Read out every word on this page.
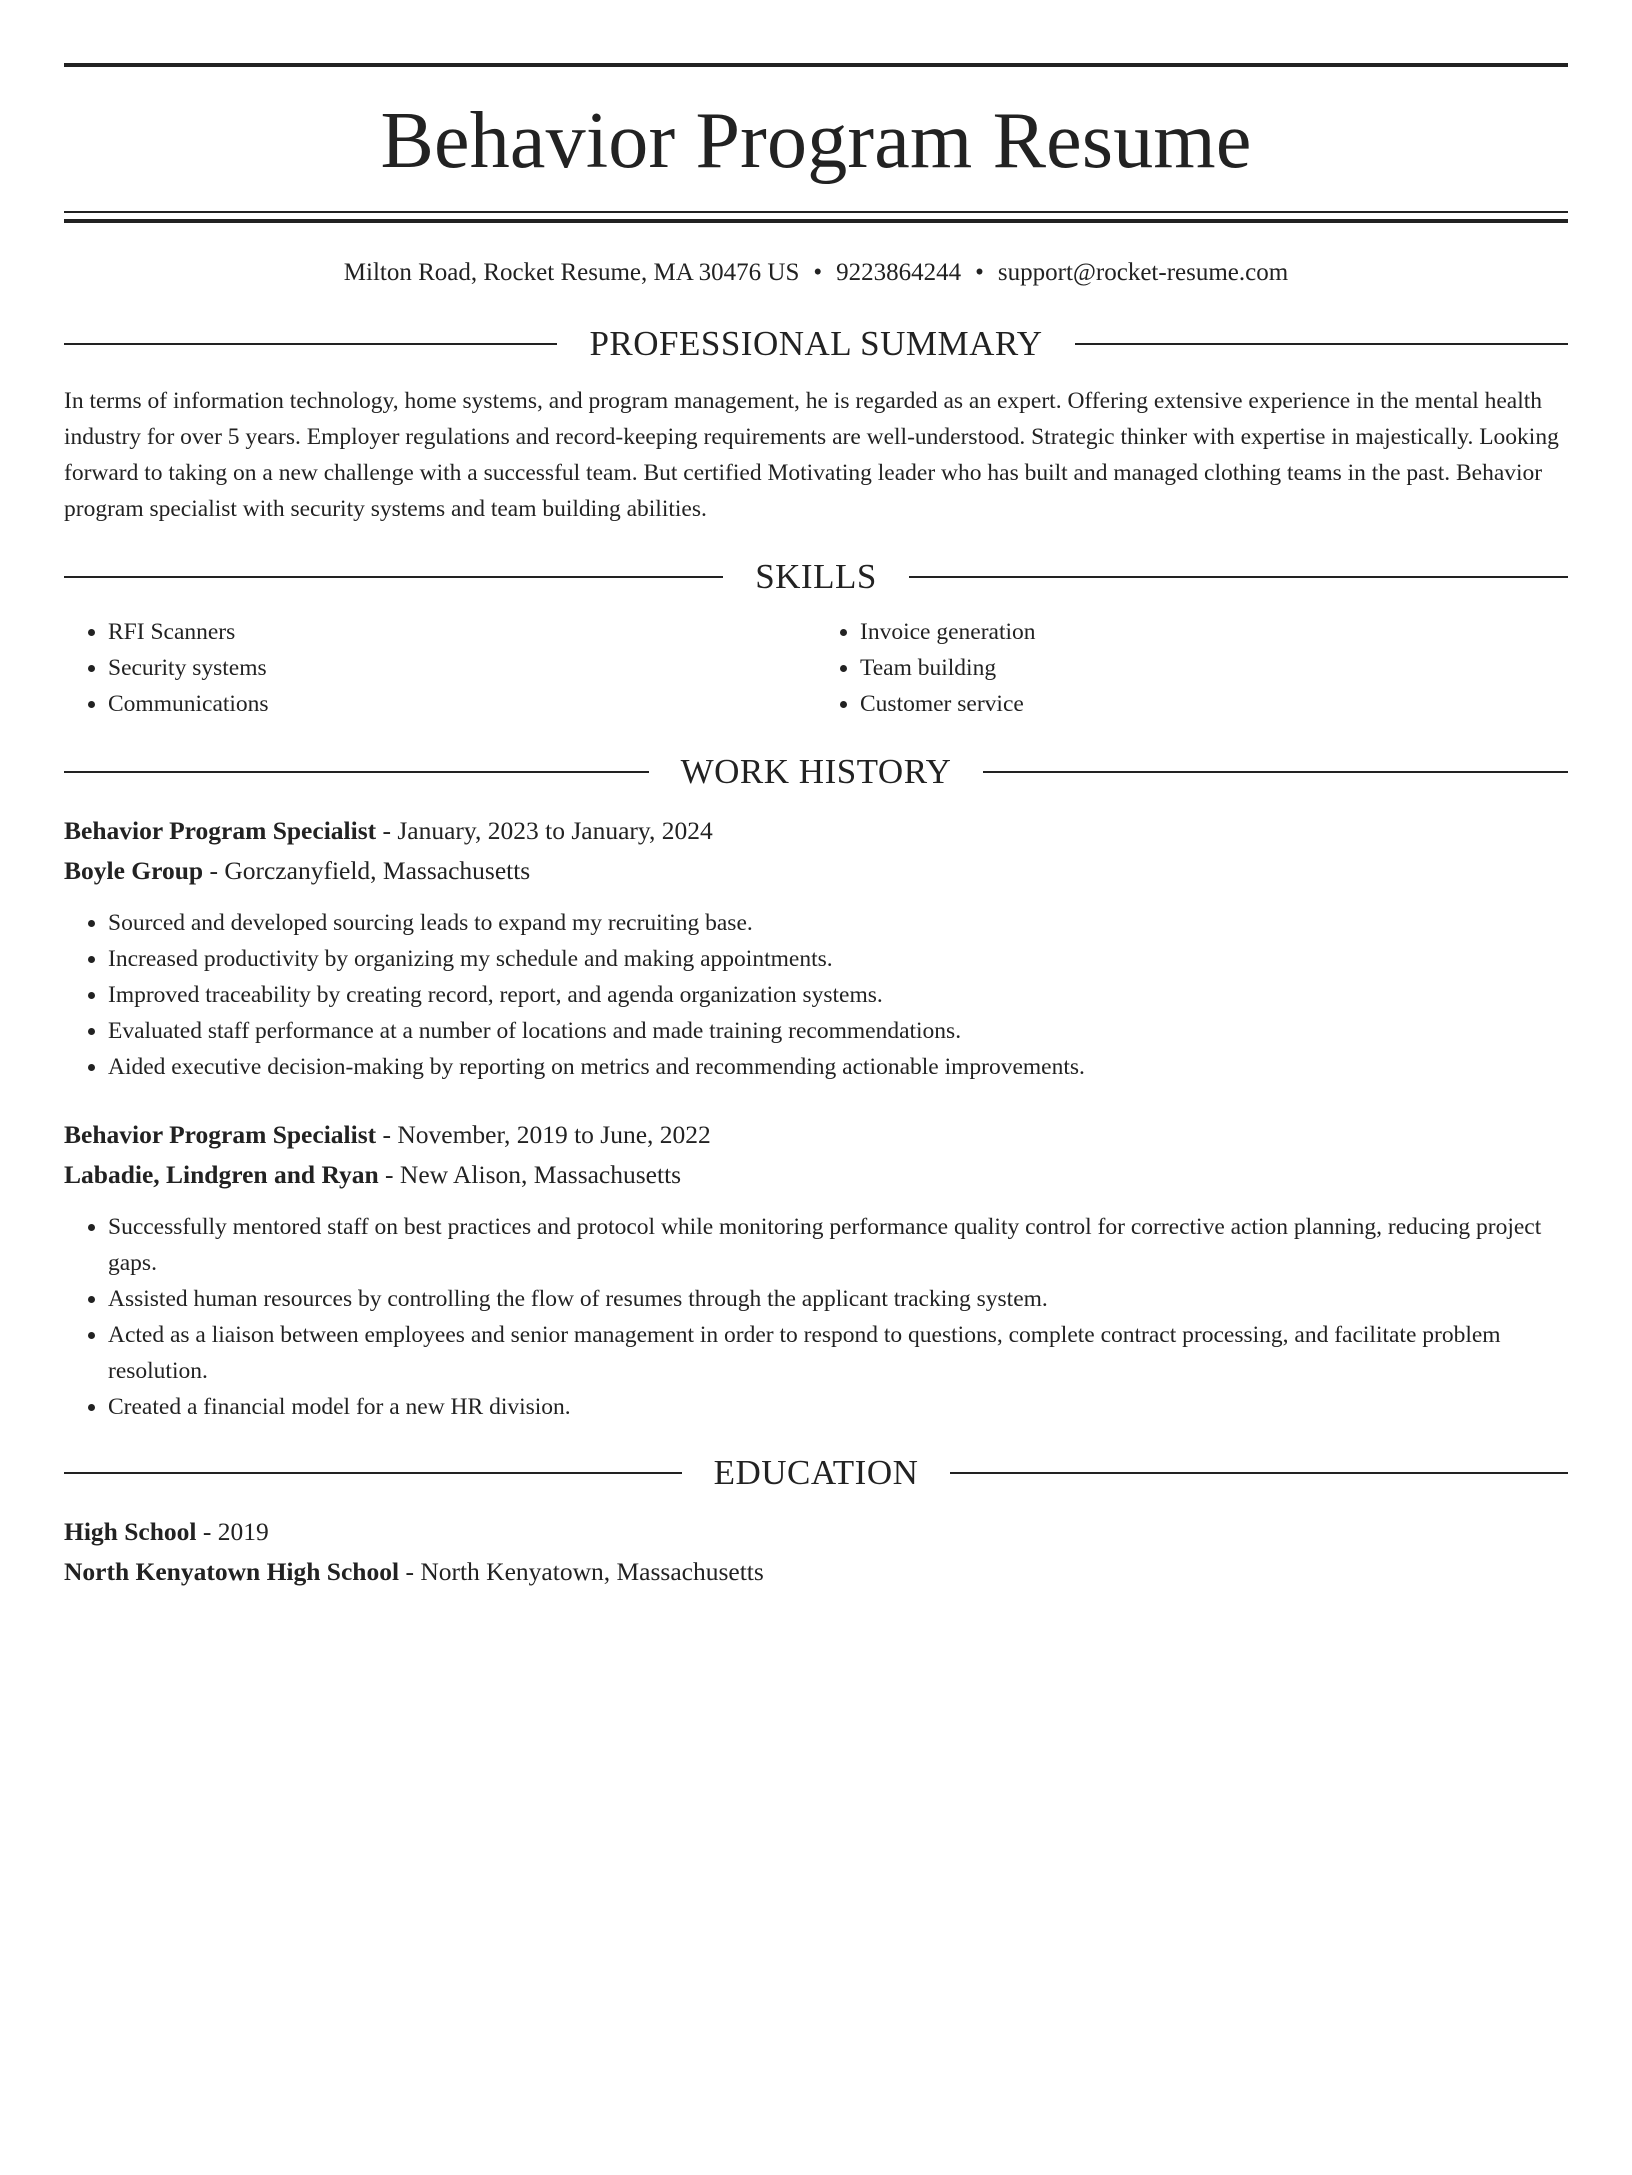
Behavior Program Resume
Milton Road, Rocket Resume, MA 30476 US • 9223864244 • support@rocket-resume.com
PROFESSIONAL SUMMARY

In terms of information technology, home systems, and program management, he is regarded as an expert. Offering extensive experience in the mental health industry for over 5 years. Employer regulations and record-keeping requirements are well-understood. Strategic thinker with expertise in majestically. Looking forward to taking on a new challenge with a successful team. But certified Motivating leader who has built and managed clothing teams in the past. Behavior program specialist with security systems and team building abilities.

SKILLS
• RFI Scanners
• Security systems
• Communications
• Invoice generation
• Team building
• Customer service
WORK HISTORY
Behavior Program Specialist - January, 2023 to January, 2024
Boyle Group - Gorczanyfield, Massachusetts
• Sourced and developed sourcing leads to expand my recruiting base.
• Increased productivity by organizing my schedule and making appointments.
• Improved traceability by creating record, report, and agenda organization systems.
• Evaluated staff performance at a number of locations and made training recommendations.
• Aided executive decision-making by reporting on metrics and recommending actionable improvements.
Behavior Program Specialist - November, 2019 to June, 2022
Labadie, Lindgren and Ryan - New Alison, Massachusetts
• Successfully mentored staff on best practices and protocol while monitoring performance quality control for corrective action planning, reducing project gaps.
• Assisted human resources by controlling the flow of resumes through the applicant tracking system.
• Acted as a liaison between employees and senior management in order to respond to questions, complete contract processing, and facilitate problem resolution.
• Created a financial model for a new HR division.
EDUCATION
High School - 2019
North Kenyatown High School - North Kenyatown, Massachusetts
